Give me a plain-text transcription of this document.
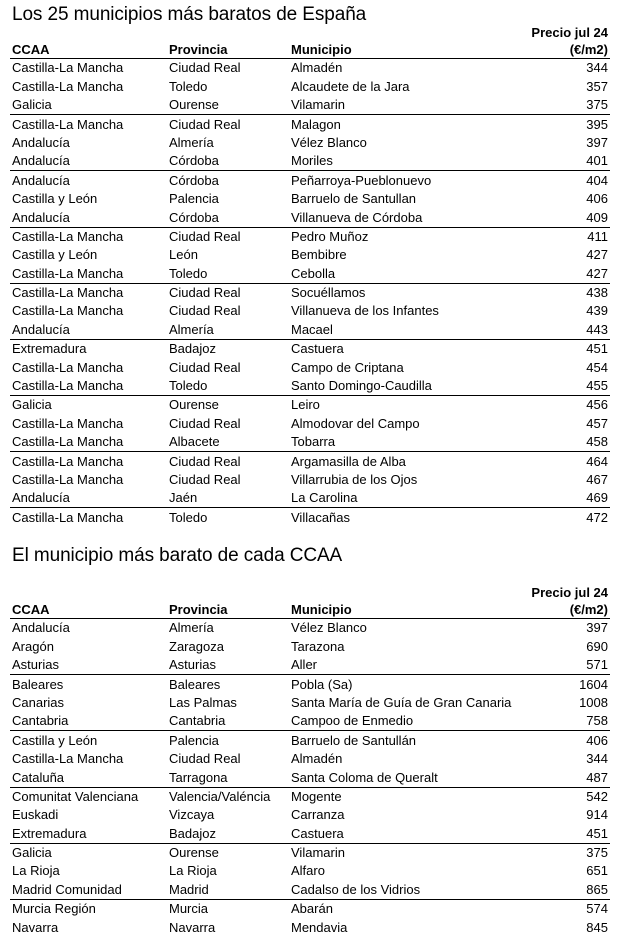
Los 25 municipios más baratos de España
			Precio jul 24
CCAA	Provincia	Municipio	(€/m2)
Castilla-La Mancha	Ciudad Real	Almadén	344
Castilla-La Mancha	Toledo	Alcaudete de la Jara	357
Galicia	Ourense	Vilamarin	375
Castilla-La Mancha	Ciudad Real	Malagon	395
Andalucía	Almería	Vélez Blanco	397
Andalucía	Córdoba	Moriles	401
Andalucía	Córdoba	Peñarroya-Pueblonuevo	404
Castilla y León	Palencia	Barruelo de Santullan	406
Andalucía	Córdoba	Villanueva de Córdoba	409
Castilla-La Mancha	Ciudad Real	Pedro Muñoz	411
Castilla y León	León	Bembibre	427
Castilla-La Mancha	Toledo	Cebolla	427
Castilla-La Mancha	Ciudad Real	Socuéllamos	438
Castilla-La Mancha	Ciudad Real	Villanueva de los Infantes	439
Andalucía	Almería	Macael	443
Extremadura	Badajoz	Castuera	451
Castilla-La Mancha	Ciudad Real	Campo de Criptana	454
Castilla-La Mancha	Toledo	Santo Domingo-Caudilla	455
Galicia	Ourense	Leiro	456
Castilla-La Mancha	Ciudad Real	Almodovar del Campo	457
Castilla-La Mancha	Albacete	Tobarra	458
Castilla-La Mancha	Ciudad Real	Argamasilla de Alba	464
Castilla-La Mancha	Ciudad Real	Villarrubia de los Ojos	467
Andalucía	Jaén	La Carolina	469
Castilla-La Mancha	Toledo	Villacañas	472
El municipio más barato de cada CCAA
			Precio jul 24
CCAA	Provincia	Municipio	(€/m2)
Andalucía	Almería	Vélez Blanco	397
Aragón	Zaragoza	Tarazona	690
Asturias	Asturias	Aller	571
Baleares	Baleares	Pobla (Sa)	1604
Canarias	Las Palmas	Santa María de Guía de Gran Canaria	1008
Cantabria	Cantabria	Campoo de Enmedio	758
Castilla y León	Palencia	Barruelo de Santullán	406
Castilla-La Mancha	Ciudad Real	Almadén	344
Cataluña	Tarragona	Santa Coloma de Queralt	487
Comunitat Valenciana	Valencia/Valéncia	Mogente	542
Euskadi	Vizcaya	Carranza	914
Extremadura	Badajoz	Castuera	451
Galicia	Ourense	Vilamarin	375
La Rioja	La Rioja	Alfaro	651
Madrid Comunidad	Madrid	Cadalso de los Vidrios	865
Murcia Región	Murcia	Abarán	574
Navarra	Navarra	Mendavia	845
